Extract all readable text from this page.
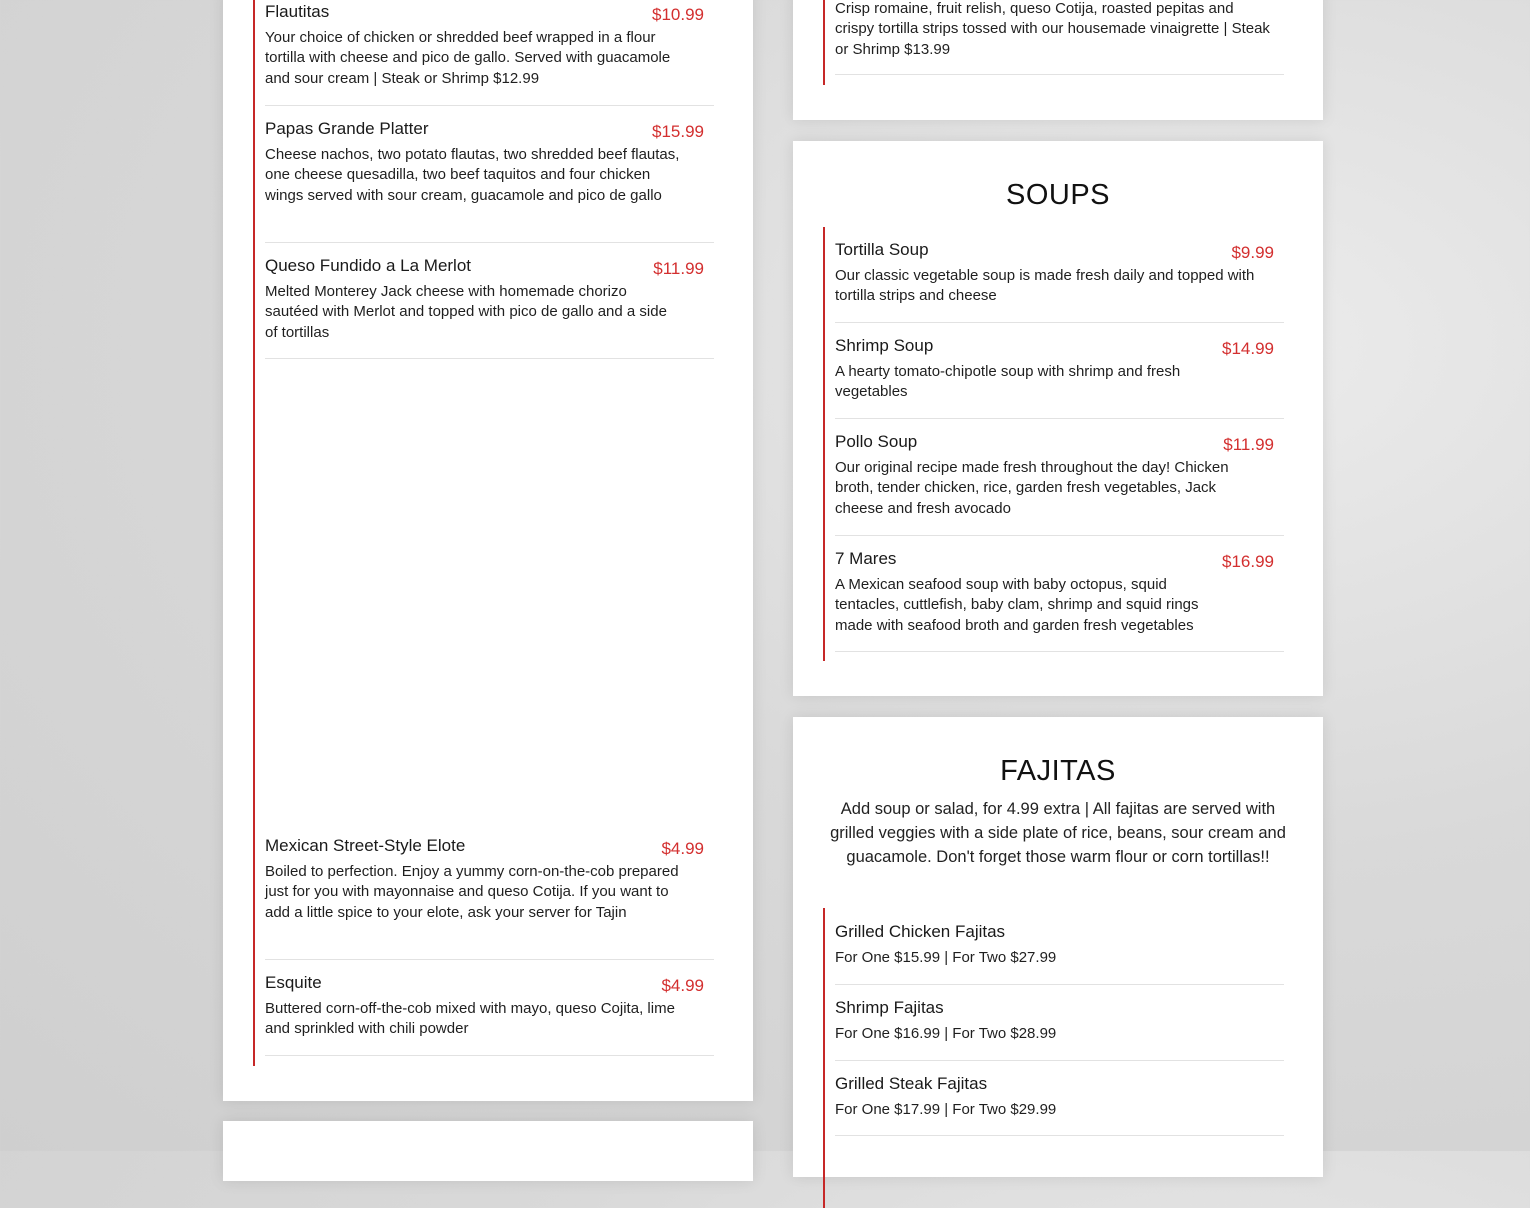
Flautitas	$10.99
Your choice of chicken or shredded beef wrapped in a flour tortilla with cheese and pico de gallo. Served with guacamole and sour cream | Steak or Shrimp $12.99
Papas Grande Platter	$15.99
Cheese nachos, two potato flautas, two shredded beef flautas, one cheese quesadilla, two beef taquitos and four chicken wings served with sour cream, guacamole and pico de gallo
Queso Fundido a La Merlot	$11.99
Melted Monterey Jack cheese with homemade chorizo sautéed with Merlot and topped with pico de gallo and a side of tortillas
Mexican Street-Style Elote	$4.99
Boiled to perfection. Enjoy a yummy corn-on-the-cob prepared just for you with mayonnaise and queso Cotija. If you want to add a little spice to your elote, ask your server for Tajin
Esquite	$4.99
Buttered corn-off-the-cob mixed with mayo, queso Cojita, lime and sprinkled with chili powder
Crisp romaine, fruit relish, queso Cotija, roasted pepitas and crispy tortilla strips tossed with our housemade vinaigrette | Steak or Shrimp $13.99
SOUPS
Tortilla Soup	$9.99
Our classic vegetable soup is made fresh daily and topped with tortilla strips and cheese
Shrimp Soup	$14.99
A hearty tomato-chipotle soup with shrimp and fresh vegetables
Pollo Soup	$11.99
Our original recipe made fresh throughout the day! Chicken broth, tender chicken, rice, garden fresh vegetables, Jack cheese and fresh avocado
7 Mares	$16.99
A Mexican seafood soup with baby octopus, squid tentacles, cuttlefish, baby clam, shrimp and squid rings made with seafood broth and garden fresh vegetables
FAJITAS
Add soup or salad, for 4.99 extra | All fajitas are served with grilled veggies with a side plate of rice, beans, sour cream and guacamole. Don't forget those warm flour or corn tortillas!!
Grilled Chicken Fajitas
For One $15.99 | For Two $27.99
Shrimp Fajitas
For One $16.99 | For Two $28.99
Grilled Steak Fajitas
For One $17.99 | For Two $29.99
